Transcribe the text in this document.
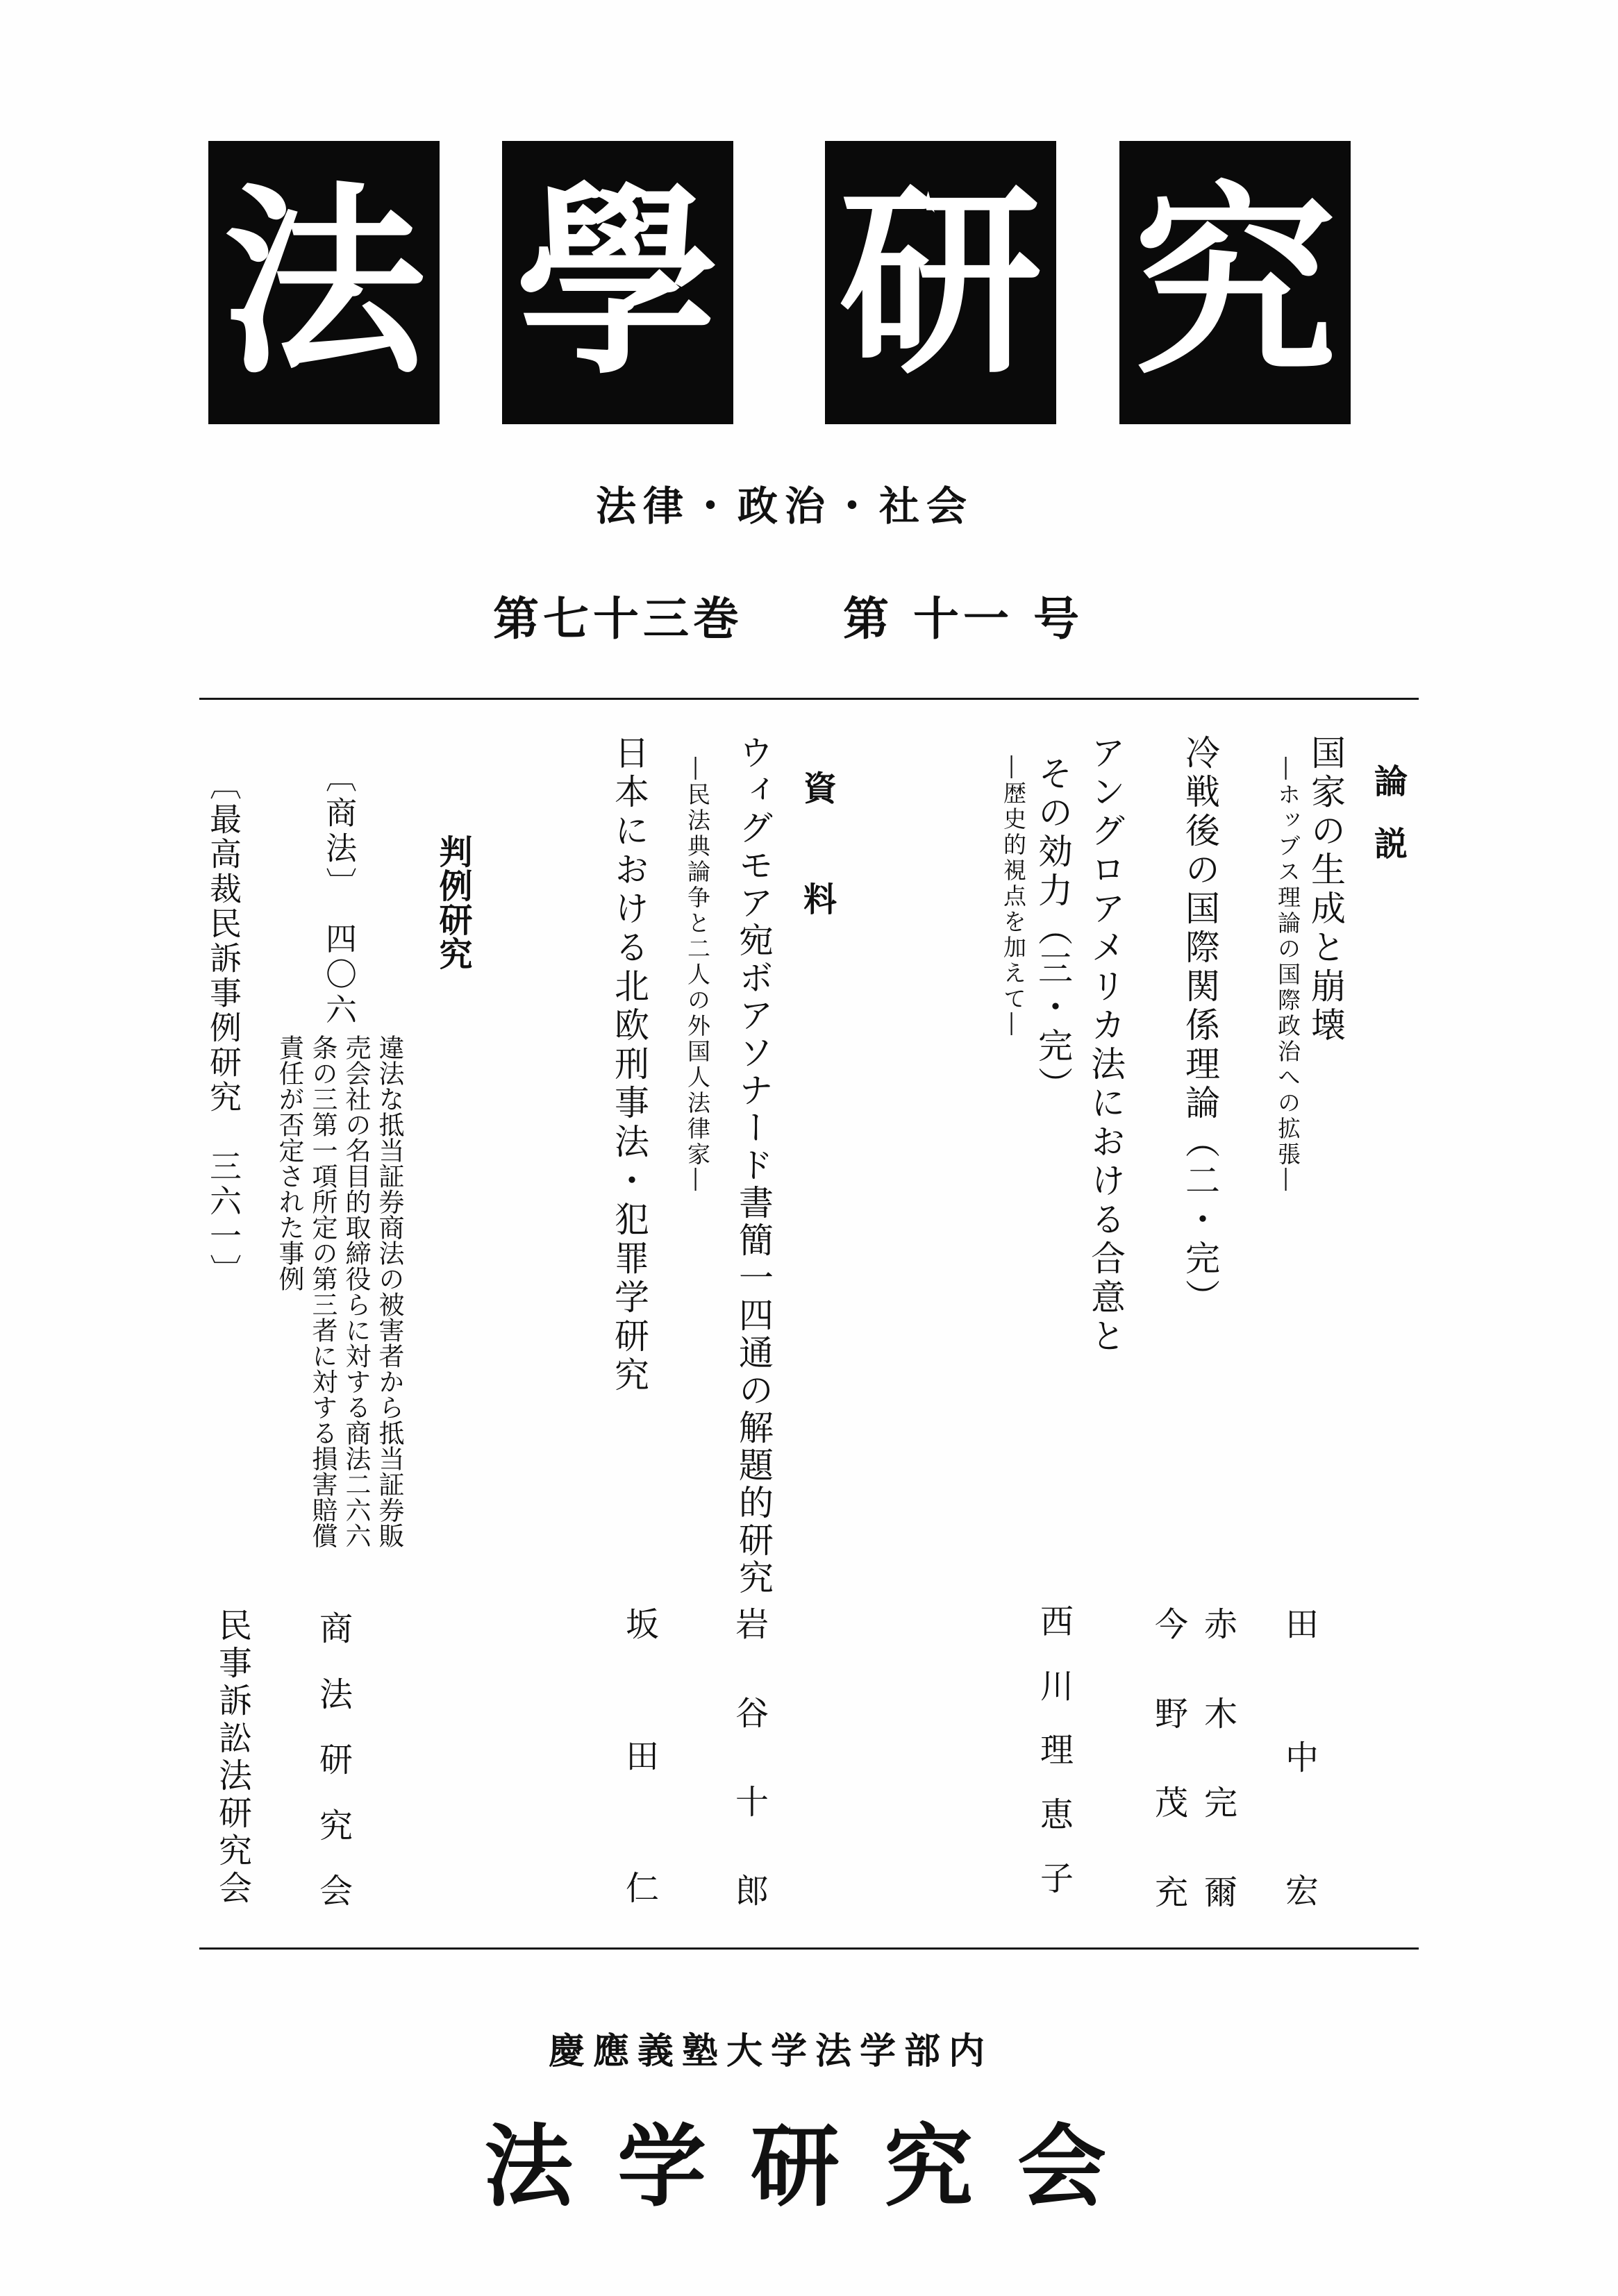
法 學 研 究
法律・政治・社会
第七十三巻　　第 十一 号
論
説
国家の生成と崩壊
―ホッブス理論の国際政治への拡張―
冷戦後の国際関係理論（二・完）
アングロアメリカ法における合意と
その効力（三・完）
―歴史的視点を加えて―
資
料
ウィグモア宛ボアソナード書簡一四通の解題的研究
―民法典論争と二人の外国人法律家―
日本における北欧刑事法・犯罪学研究
判例研究
〔商法〕　四〇六
違法な抵当証券商法の被害者から抵当証券販
売会社の名目的取締役らに対する商法二六六
条の三第一項所定の第三者に対する損害賠償
責任が否定された事例
〔最高裁民訴事例研究　三六一〕
田
中
宏
赤
木
完
爾
今
野
茂
充
西
川
理
恵
子
岩
谷
十
郎
坂
田
仁
商
法
研
究
会
民
事
訴
訟
法
研
究
会
慶應義塾大学法学部内
法学研究会
